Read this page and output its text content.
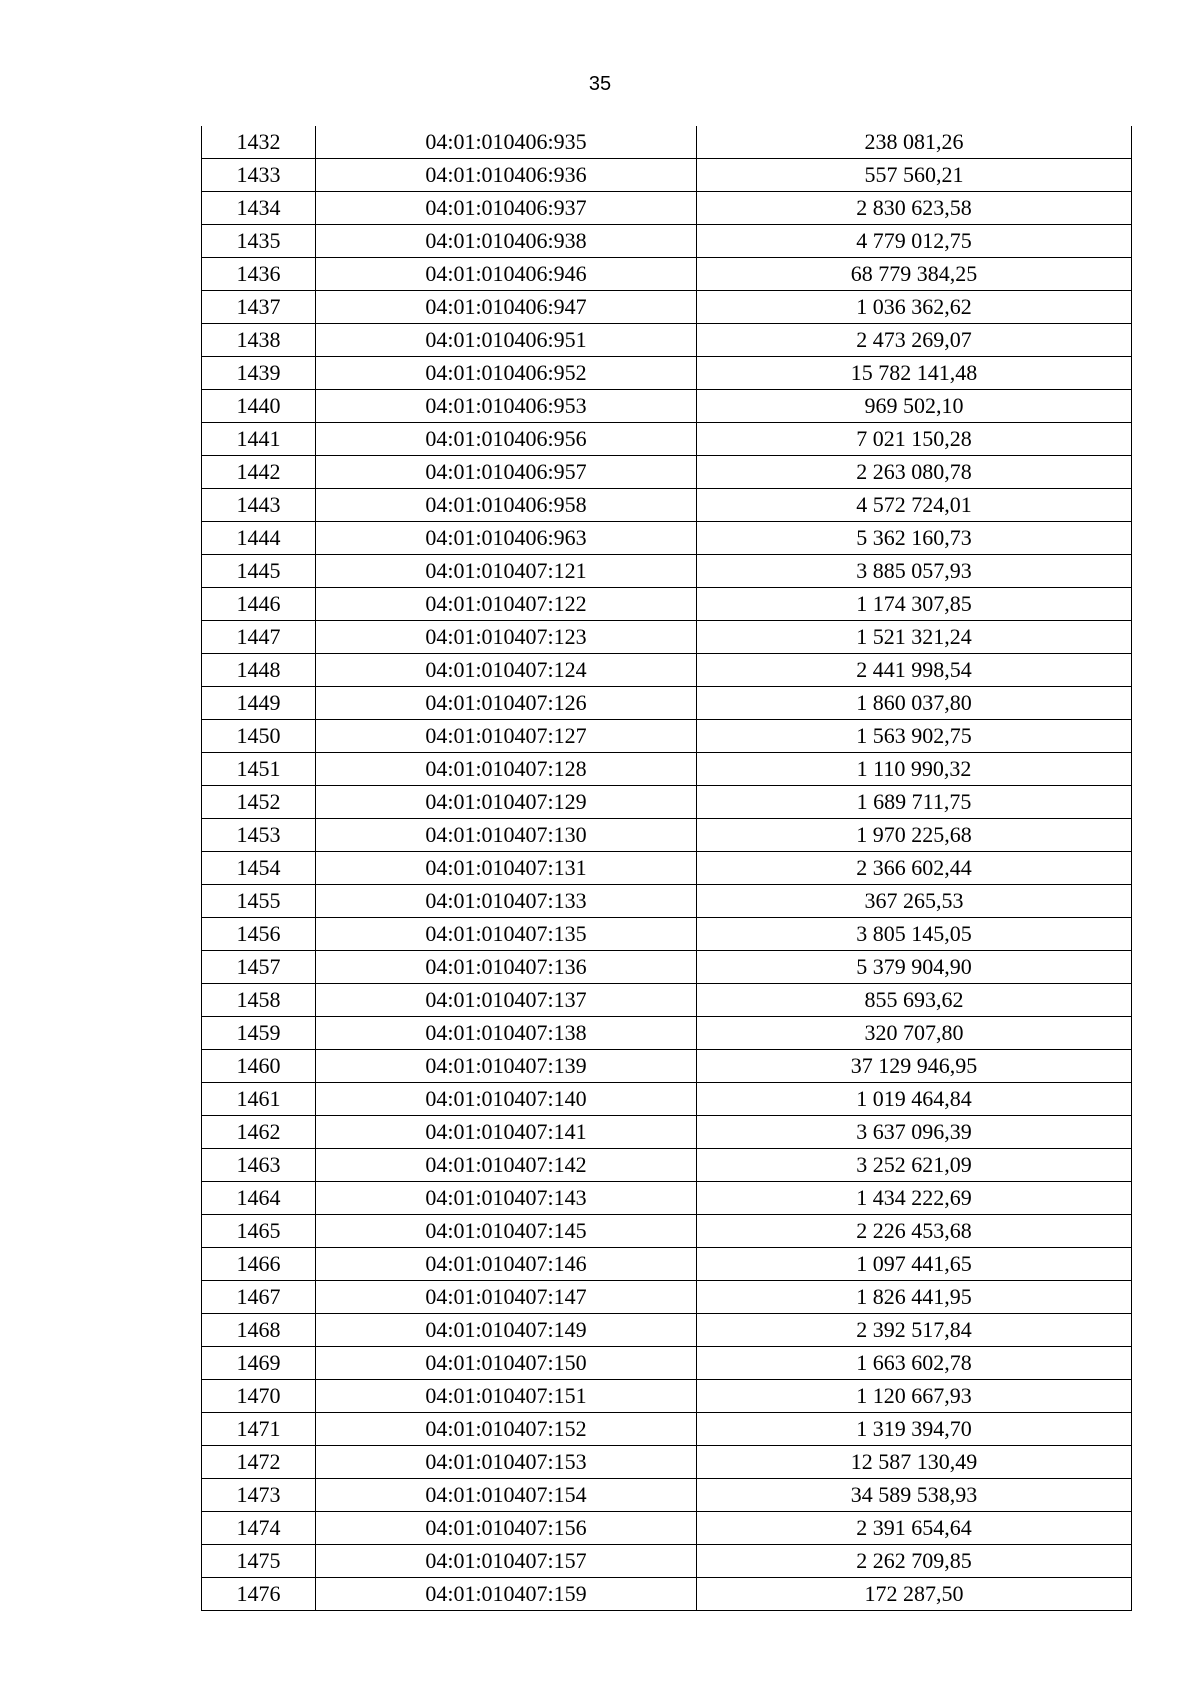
35
1432	04:01:010406:935	238 081,26
1433	04:01:010406:936	557 560,21
1434	04:01:010406:937	2 830 623,58
1435	04:01:010406:938	4 779 012,75
1436	04:01:010406:946	68 779 384,25
1437	04:01:010406:947	1 036 362,62
1438	04:01:010406:951	2 473 269,07
1439	04:01:010406:952	15 782 141,48
1440	04:01:010406:953	969 502,10
1441	04:01:010406:956	7 021 150,28
1442	04:01:010406:957	2 263 080,78
1443	04:01:010406:958	4 572 724,01
1444	04:01:010406:963	5 362 160,73
1445	04:01:010407:121	3 885 057,93
1446	04:01:010407:122	1 174 307,85
1447	04:01:010407:123	1 521 321,24
1448	04:01:010407:124	2 441 998,54
1449	04:01:010407:126	1 860 037,80
1450	04:01:010407:127	1 563 902,75
1451	04:01:010407:128	1 110 990,32
1452	04:01:010407:129	1 689 711,75
1453	04:01:010407:130	1 970 225,68
1454	04:01:010407:131	2 366 602,44
1455	04:01:010407:133	367 265,53
1456	04:01:010407:135	3 805 145,05
1457	04:01:010407:136	5 379 904,90
1458	04:01:010407:137	855 693,62
1459	04:01:010407:138	320 707,80
1460	04:01:010407:139	37 129 946,95
1461	04:01:010407:140	1 019 464,84
1462	04:01:010407:141	3 637 096,39
1463	04:01:010407:142	3 252 621,09
1464	04:01:010407:143	1 434 222,69
1465	04:01:010407:145	2 226 453,68
1466	04:01:010407:146	1 097 441,65
1467	04:01:010407:147	1 826 441,95
1468	04:01:010407:149	2 392 517,84
1469	04:01:010407:150	1 663 602,78
1470	04:01:010407:151	1 120 667,93
1471	04:01:010407:152	1 319 394,70
1472	04:01:010407:153	12 587 130,49
1473	04:01:010407:154	34 589 538,93
1474	04:01:010407:156	2 391 654,64
1475	04:01:010407:157	2 262 709,85
1476	04:01:010407:159	172 287,50
